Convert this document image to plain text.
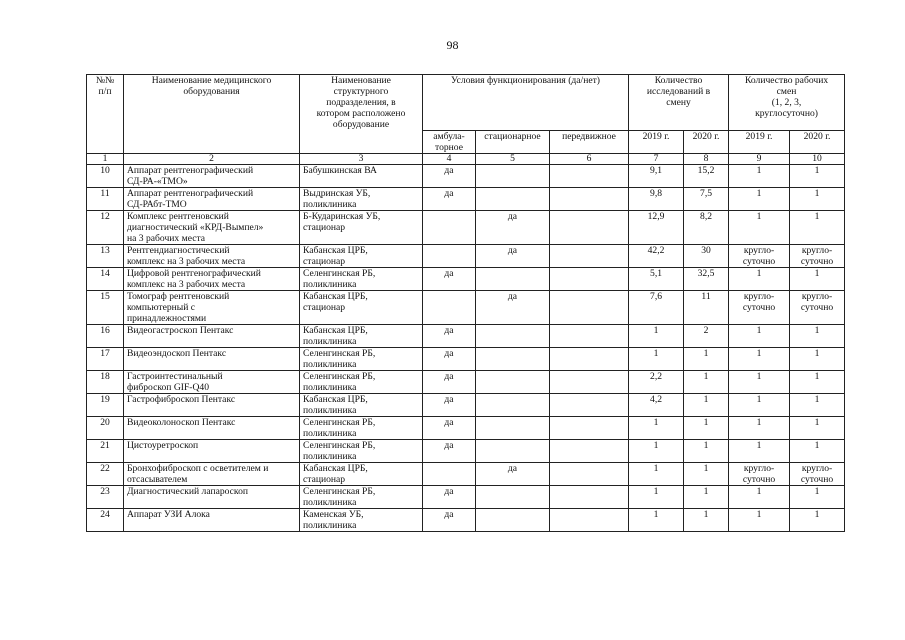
98
№№
п/п	Наименование медицинского
оборудования	Наименование
структурного
подразделения, в
котором расположено
оборудование	Условия функционирования (да/нет)			Количество
исследований в
смену		Количество рабочих
смен
(1, 2, 3,
круглосуточно)	
			амбула-
торное	стационарное	передвижное	2019 г.	2020 г.	2019 г.	2020 г.
1	2	3	4	5	6	7	8	9	10
10	Аппарат рентгенографический
СД-РА-«ТМО»	Бабушкинская ВА	да			9,1	15,2	1	1
11	Аппарат рентгенографический
СД-РАбт-ТМО	Выдринская УБ,
поликлиника	да			9,8	7,5	1	1
12	Комплекс рентгеновский
диагностический «КРД-Вымпел»
на 3 рабочих места	Б-Кударинская УБ,
стационар		да		12,9	8,2	1	1
13	Рентгендиагностический
комплекс на 3 рабочих места	Кабанская ЦРБ,
стационар		да		42,2	30	кругло-
суточно	кругло-
суточно
14	Цифровой рентгенографический
комплекс на 3 рабочих места	Селенгинская РБ,
поликлиника	да			5,1	32,5	1	1
15	Томограф рентгеновский
компьютерный с
принадлежностями	Кабанская ЦРБ,
стационар		да		7,6	11	кругло-
суточно	кругло-
суточно
16	Видеогастроскоп Пентакс	Кабанская ЦРБ,
поликлиника	да			1	2	1	1
17	Видеоэндоскоп Пентакс	Селенгинская РБ,
поликлиника	да			1	1	1	1
18	Гастроинтестинальный
фиброскоп GIF-Q40	Селенгинская РБ,
поликлиника	да			2,2	1	1	1
19	Гастрофиброскоп Пентакс	Кабанская ЦРБ,
поликлиника	да			4,2	1	1	1
20	Видеоколоноскоп Пентакс	Селенгинская РБ,
поликлиника	да			1	1	1	1
21	Цистоуретроскоп	Селенгинская РБ,
поликлиника	да			1	1	1	1
22	Бронхофиброскоп с осветителем и
отсасывателем	Кабанская ЦРБ,
стационар		да		1	1	кругло-
суточно	кругло-
суточно
23	Диагностический лапароскоп	Селенгинская РБ,
поликлиника	да			1	1	1	1
24	Аппарат УЗИ Алока	Каменская УБ,
поликлиника	да			1	1	1	1
